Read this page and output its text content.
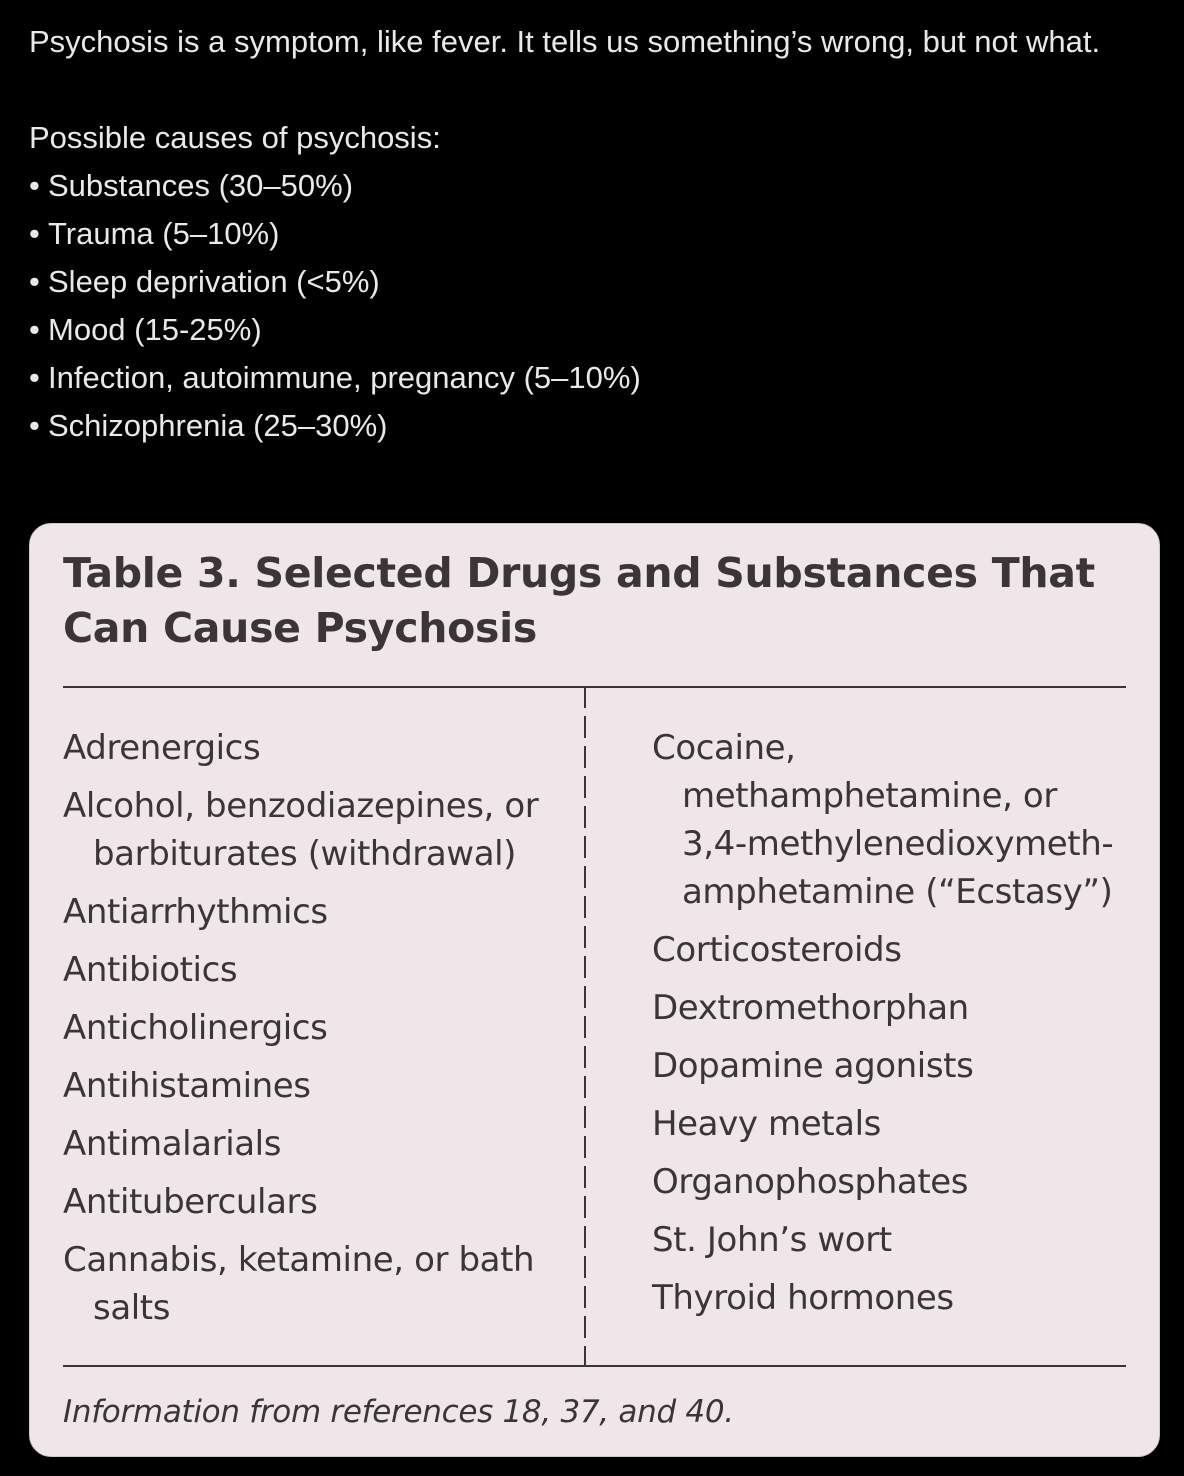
Psychosis is a symptom, like fever. It tells us something’s wrong, but not what.

Possible causes of psychosis:

• Substances (30–50%)
• Trauma (5–10%)
• Sleep deprivation (<5%)
• Mood (15-25%)
• Infection, autoimmune, pregnancy (5–10%)
• Schizophrenia (25–30%)
Table 3. Selected Drugs and Substances That Can Cause Psychosis
Adrenergics
Alcohol, benzodiazepines, or barbiturates (withdrawal)
Antiarrhythmics
Antibiotics
Anticholinergics
Antihistamines
Antimalarials
Antituberculars
Cannabis, ketamine, or bath salts
Cocaine, methamphetamine, or 3,4-methylenedioxymeth-amphetamine (“Ecstasy”)
Corticosteroids
Dextromethorphan
Dopamine agonists
Heavy metals
Organophosphates
St. John’s wort
Thyroid hormones

Information from references 18, 37, and 40.
